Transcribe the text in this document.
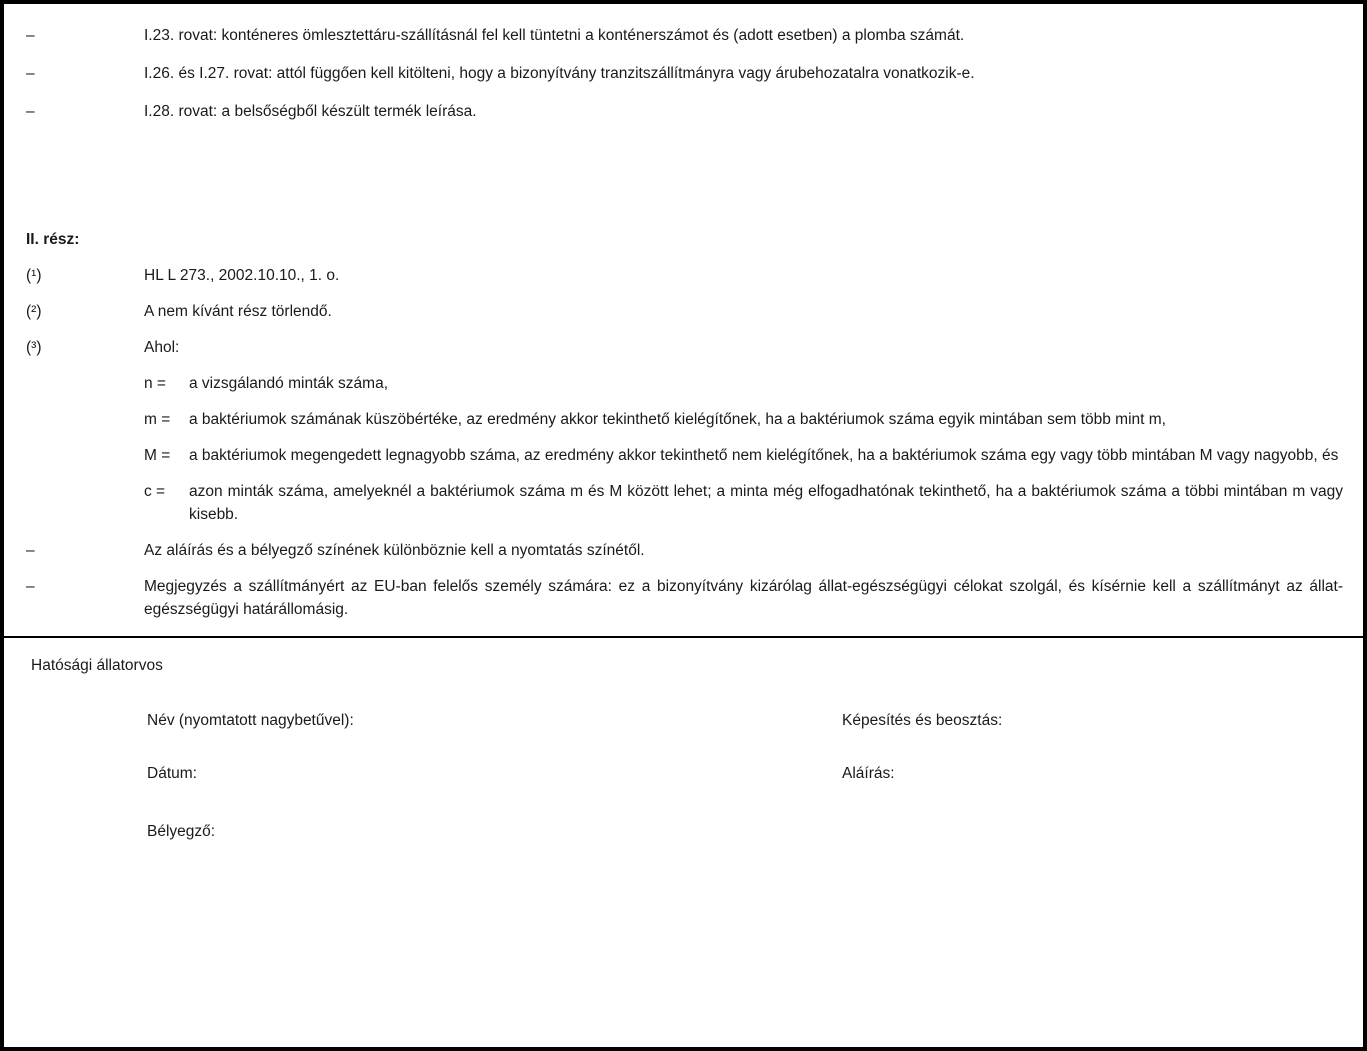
–	I.23. rovat: konténeres ömlesztettáru-szállításnál fel kell tüntetni a konténerszámot és (adott esetben) a plomba számát.
–	I.26. és I.27. rovat: attól függően kell kitölteni, hogy a bizonyítvány tranzitszállítmányra vagy árubehozatalra vonatkozik-e.
–	I.28. rovat: a belsőségből készült termék leírása.
II. rész:
(¹)	HL L 273., 2002.10.10., 1. o.
(²)	A nem kívánt rész törlendő.
(³)	Ahol:
n =	a vizsgálandó minták száma,
m =	a baktériumok számának küszöbértéke, az eredmény akkor tekinthető kielégítőnek, ha a baktériumok száma egyik mintában sem több mint m,
M =	a baktériumok megengedett legnagyobb száma, az eredmény akkor tekinthető nem kielégítőnek, ha a baktériumok száma egy vagy több mintában M vagy nagyobb, és
c =	azon minták száma, amelyeknél a baktériumok száma m és M között lehet; a minta még elfogadhatónak tekinthető, ha a baktériumok száma a többi mintában m vagy kisebb.
–	Az aláírás és a bélyegző színének különböznie kell a nyomtatás színétől.
–	Megjegyzés a szállítmányért az EU-ban felelős személy számára: ez a bizonyítvány kizárólag állat-egészségügyi célokat szolgál, és kísérnie kell a szállítmányt az állat-egészségügyi határállomásig.
Hatósági állatorvos
Név (nyomtatott nagybetűvel):	Képesítés és beosztás:
Dátum:	Aláírás:
Bélyegző:
